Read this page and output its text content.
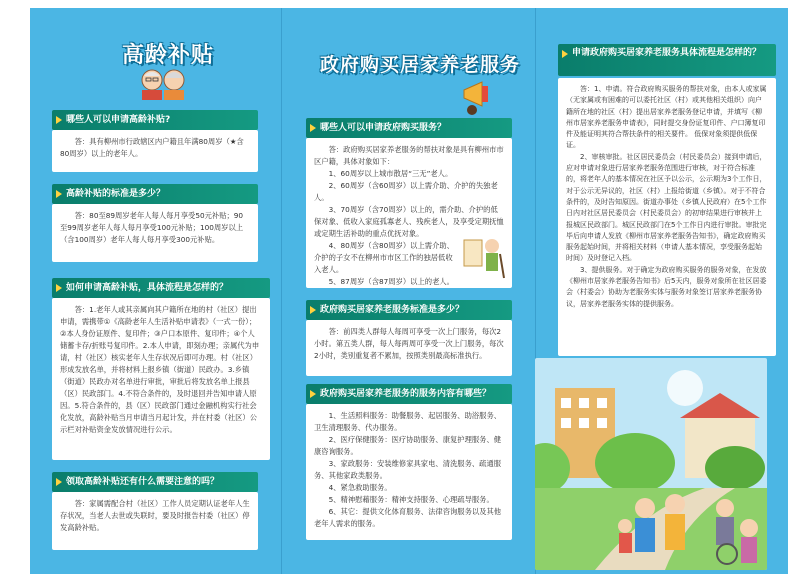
高龄补贴
哪些人可以申请高龄补贴?

答：具有柳州市行政辖区内户籍且年满80周岁（★含80周岁）以上的老年人。

高龄补贴的标准是多少？

答：80至89周岁老年人每人每月享受50元补贴；90至99周岁老年人每人每月享受100元补贴；100周岁以上（含100周岁）老年人每人每月享受300元补贴。

如何申请高龄补贴，具体流程是怎样的？

答：1.老年人或其亲属向其户籍所在地的村（社区）提出申请，需携带①《高龄老年人生活补贴申请表》（一式一份）；②本人身份证原件、复印件；③户口本原件、复印件；④个人储蓄卡存/折账号复印件。2.本人申请，即刻办理；亲属代为申请，村（社区）核实老年人生存状况后即可办理。村（社区）形成发放名单，并将材料上报乡镇（街道）民政办。3.乡镇（街道）民政办对名单进行审批，审批后将发放名单上报县（区）民政部门。4.不符合条件的，及时退回并告知申请人原因。5.符合条件的，县（区）民政部门通过金融机构实行社会化发放，高龄补贴当月申请当月起计发，并在村委（社区）公示栏对补贴资金发放情况进行公示。

领取高龄补贴还有什么需要注意的吗？

答：家属需配合村（社区）工作人员定期认证老年人生存状况，当老人去世或失联时，要及时报告村委（社区）停发高龄补贴。

政府购买居家养老服务
哪些人可以申请政府购买服务？

答：政府购买居家养老服务的帮扶对象是具有柳州市市区户籍，具体对象如下：

1、60周岁以上城市散居“三无”老人。

2、60周岁（含60周岁）以上需介助、介护的失独老人。

3、70周岁（含70周岁）以上的，需介助、介护的低保对象、低收入家庭孤寡老人、残疾老人，及享受定期抚恤或定期生活补助的重点优抚对象。

4、80周岁（含80周岁）以上需介助、介护的子女不在柳州市市区工作的独居低收入老人。

5、87周岁（含87周岁）以上的老人。

政府购买居家养老服务标准是多少？

答：前四类人群每人每周可享受一次上门服务，每次2小时。第五类人群，每人每两周可享受一次上门服务，每次2小时，类别重复者不累加，按照类别最高标准执行。

政府购买居家养老服务的服务内容有哪些？

1、生活照料服务：助餐服务、起居服务、助浴服务、卫生清理服务、代办服务。

2、医疗保健服务：医疗协助服务、康复护理服务、健康咨询服务。

3、家政服务：安装维修家具家电、清洗服务、疏通服务、其他家政类服务。

4、紧急救助服务。

5、精神慰藉服务：精神支持服务、心理疏导服务。

6、其它：提供文化体育服务、法律咨询服务以及其他老年人需求的服务。

申请政府购买居家养老服务具体流程是怎样的？

答：1、申请。符合政府购买服务的帮扶对象，由本人或家属（无家属或有困难的可以委托社区（村）或其他相关组织）向户籍所在地的社区（村）提出居家养老服务登记申请，并填写《柳州市居家养老服务申请表》，同时提交身份证复印件、户口簿复印件及能证明其符合帮扶条件的相关要件。 低保对象须提供低保证。

2、审核审批。社区居民委员会（村民委员会）接到申请后，应对申请对象进行居家养老服务范围进行审核，对于符合标准的，将老年人的基本情况在社区予以公示，公示期为3个工作日，对于公示无异议的，社区（村）上报给街道（乡镇）。对于不符合条件的，及时告知原因。街道办事处（乡镇人民政府）在5个工作日内对社区居民委员会（村民委员会）的初审结果进行审核并上报城区民政部门。城区民政部门在5个工作日内进行审批。审批完毕后向申请人发放《柳州市居家养老服务告知书》，确定政府购买服务起始时间，并将相关材料（申请人基本情况，享受服务起始时间）及时登记入档。

3、提供服务。对于确定为政府购买服务的服务对象，在发放《柳州市居家养老服务告知书》后5天内，服务对象所在社区居委会（村委会）协助为老服务实体与服务对象签订居家养老服务协议，居家养老服务实体的提供服务。
